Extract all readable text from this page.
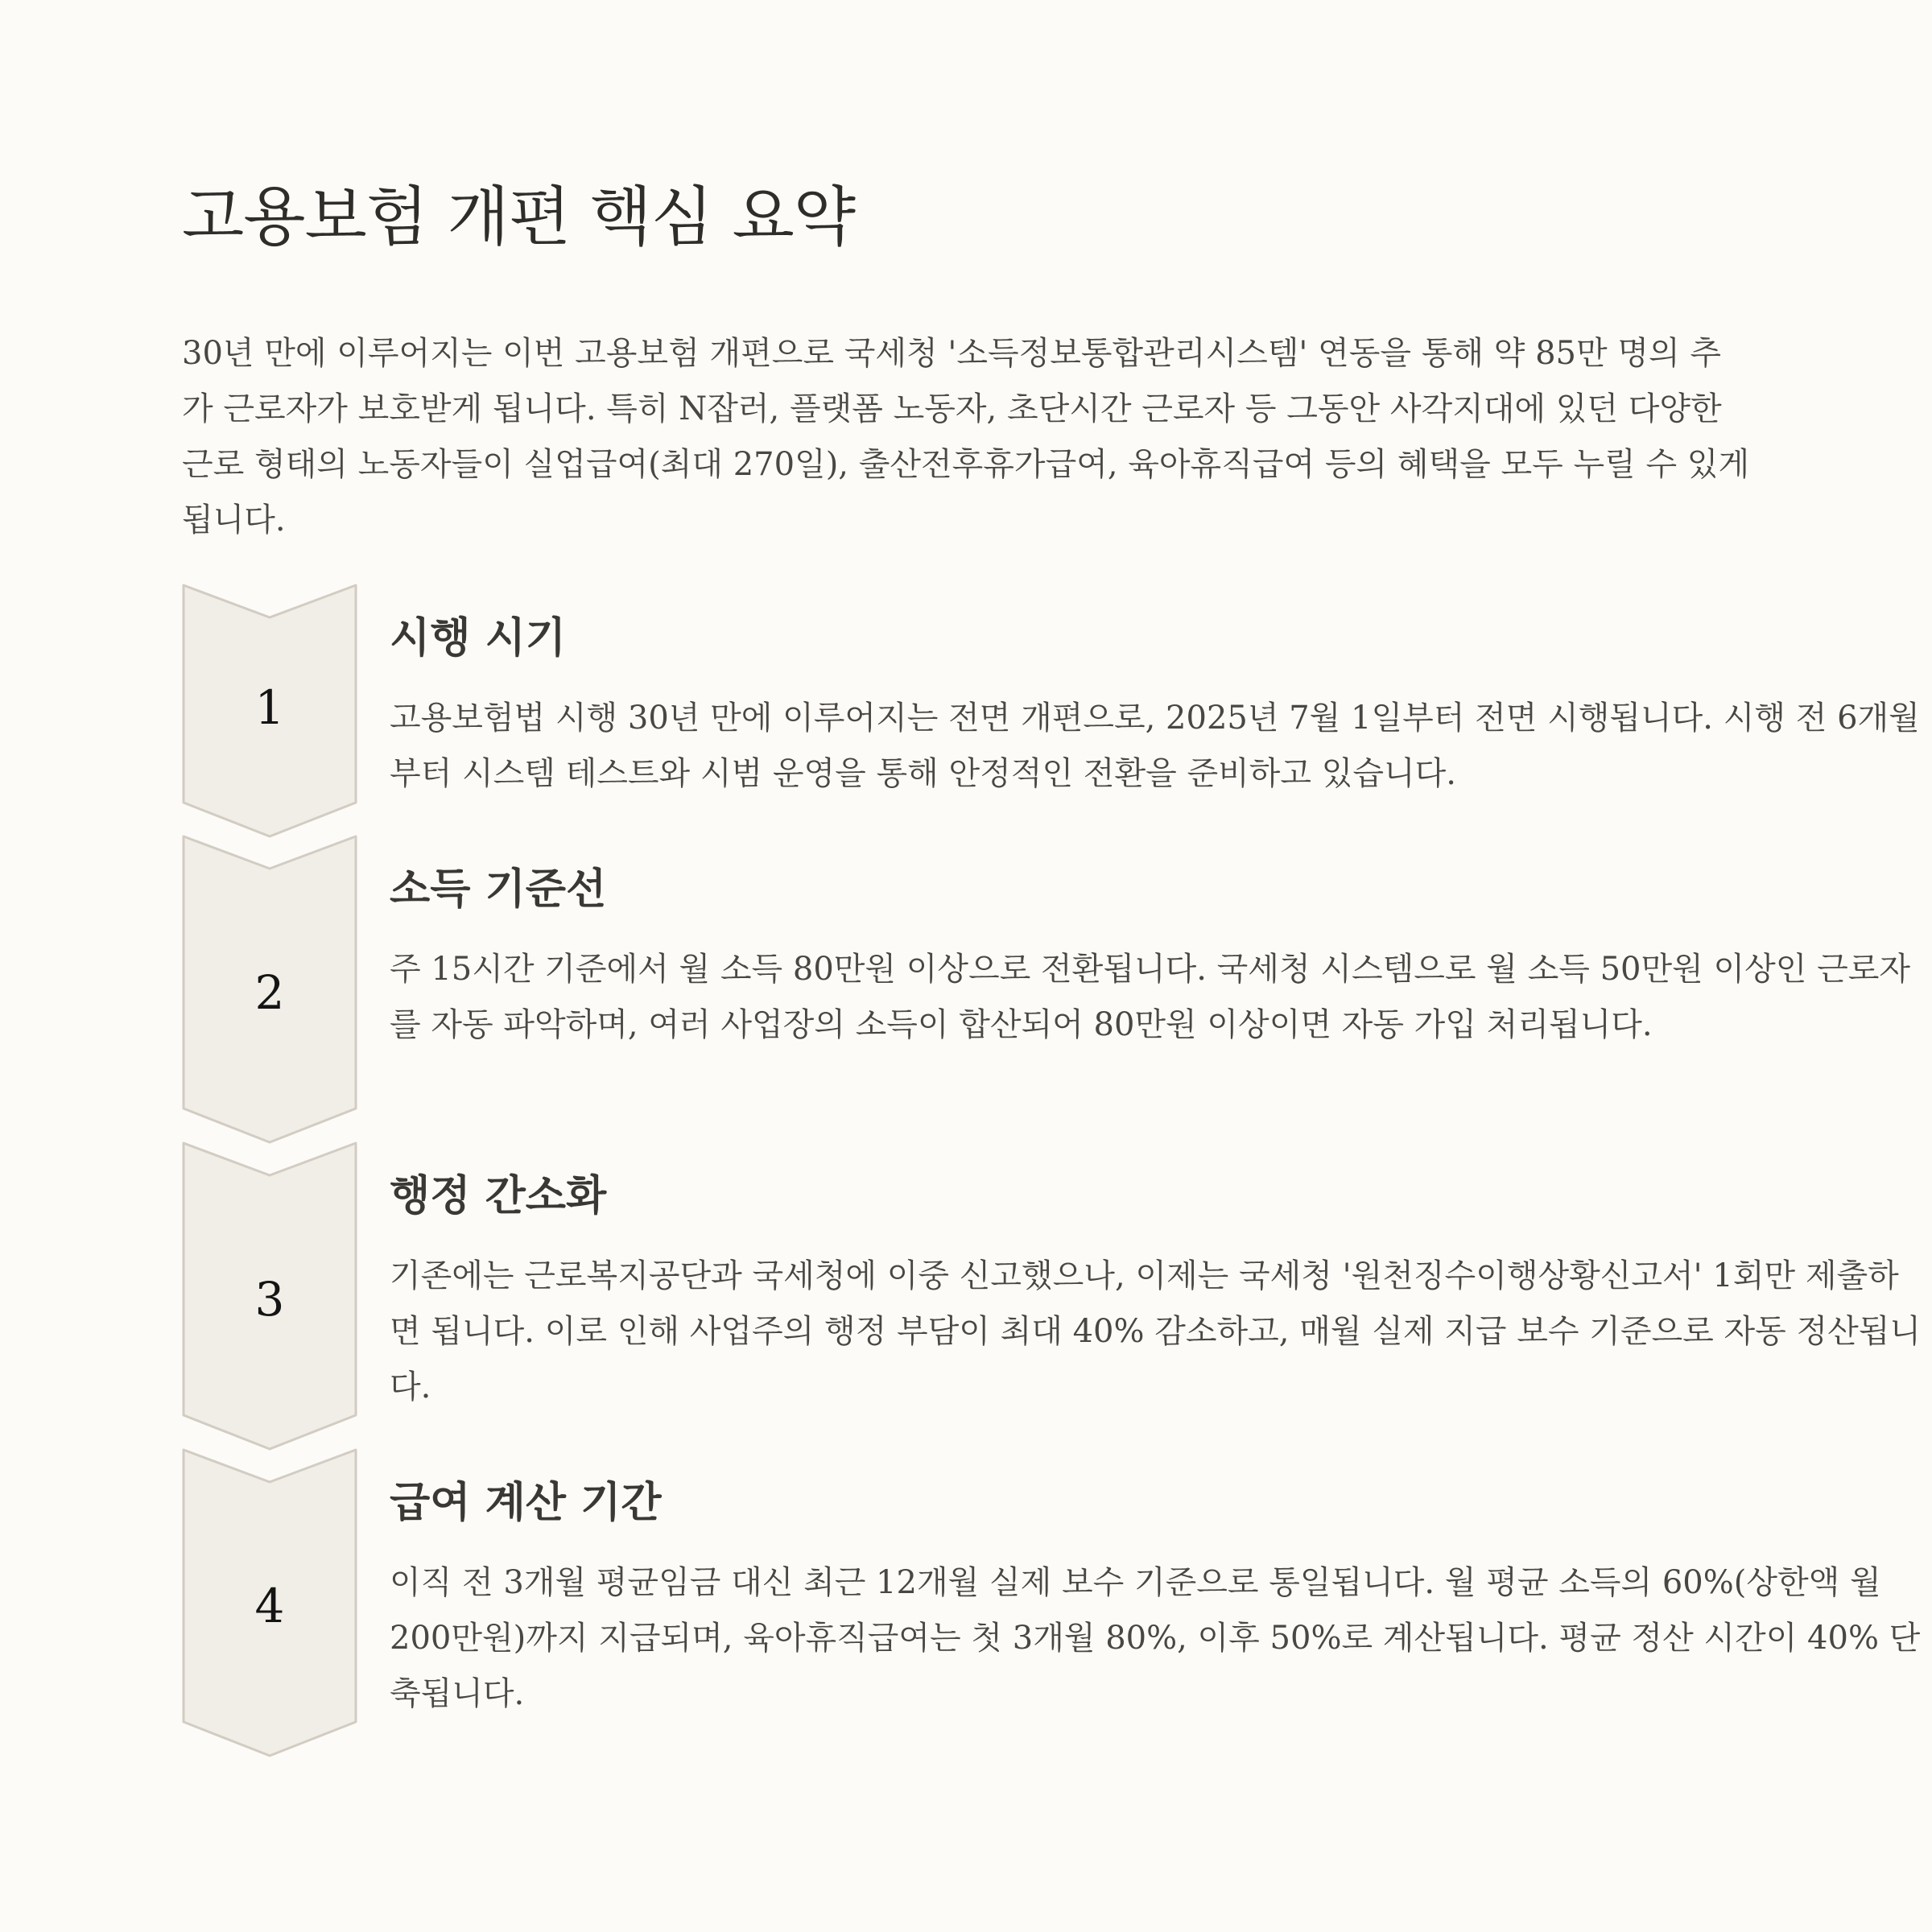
고용보험 개편 핵심 요약

30년 만에 이루어지는 이번 고용보험 개편으로 국세청 '소득정보통합관리시스템' 연동을 통해 약 85만 명의 추가 근로자가 보호받게 됩니다. 특히 N잡러, 플랫폼 노동자, 초단시간 근로자 등 그동안 사각지대에 있던 다양한 근로 형태의 노동자들이 실업급여(최대 270일), 출산전후휴가급여, 육아휴직급여 등의 혜택을 모두 누릴 수 있게 됩니다.

1
시행 시기

고용보험법 시행 30년 만에 이루어지는 전면 개편으로, 2025년 7월 1일부터 전면 시행됩니다. 시행 전 6개월부터 시스템 테스트와 시범 운영을 통해 안정적인 전환을 준비하고 있습니다.

2
소득 기준선

주 15시간 기준에서 월 소득 80만원 이상으로 전환됩니다. 국세청 시스템으로 월 소득 50만원 이상인 근로자를 자동 파악하며, 여러 사업장의 소득이 합산되어 80만원 이상이면 자동 가입 처리됩니다.

3
행정 간소화

기존에는 근로복지공단과 국세청에 이중 신고했으나, 이제는 국세청 '원천징수이행상황신고서' 1회만 제출하면 됩니다. 이로 인해 사업주의 행정 부담이 최대 40% 감소하고, 매월 실제 지급 보수 기준으로 자동 정산됩니다.

4
급여 계산 기간

이직 전 3개월 평균임금 대신 최근 12개월 실제 보수 기준으로 통일됩니다. 월 평균 소득의 60%(상한액 월 200만원)까지 지급되며, 육아휴직급여는 첫 3개월 80%, 이후 50%로 계산됩니다. 평균 정산 시간이 40% 단축됩니다.
